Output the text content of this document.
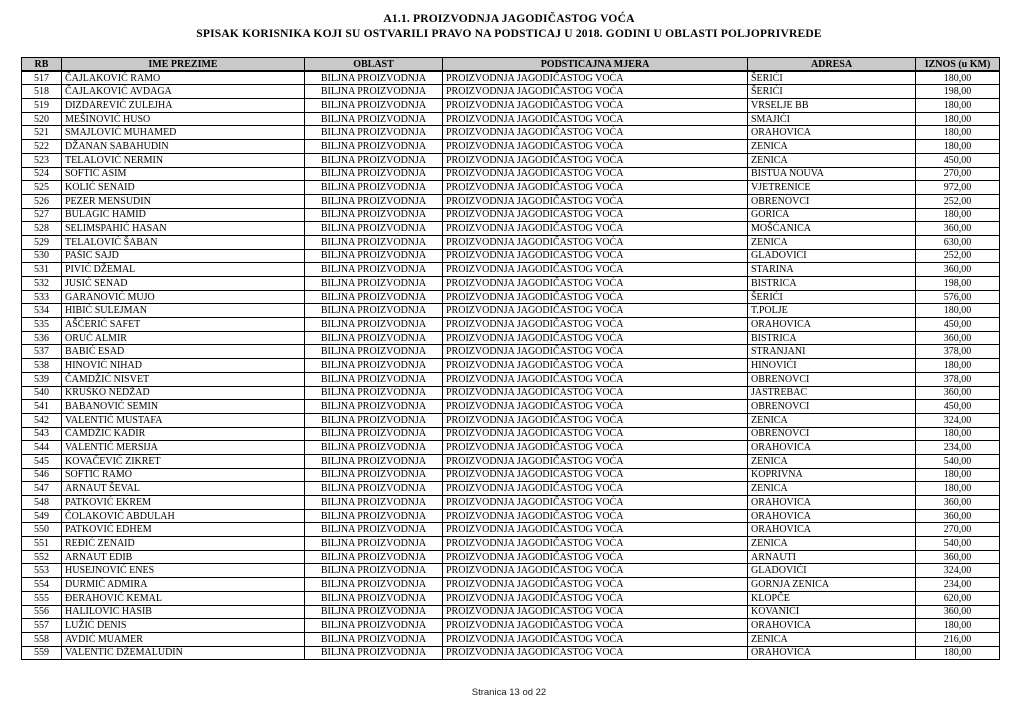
A1.1. PROIZVODNJA JAGODIČASTOG VOĆA
SPISAK KORISNIKA KOJI SU OSTVARILI PRAVO NA PODSTICAJ U 2018. GODINI U OBLASTI POLJOPRIVREDE
RB	IME PREZIME	OBLAST	PODSTICAJNA MJERA	ADRESA	IZNOS (u KM)
517	ČAJLAKOVIĆ RAMO	BILJNA PROIZVODNJA	PROIZVODNJA JAGODIČASTOG VOĆA	ŠERIĆI	180,00
518	ČAJLAKOVIĆ AVDAGA	BILJNA PROIZVODNJA	PROIZVODNJA JAGODIČASTOG VOĆA	ŠERIĆI	198,00
519	DIZDAREVIĆ ZULEJHA	BILJNA PROIZVODNJA	PROIZVODNJA JAGODIČASTOG VOĆA	VRSELJE BB	180,00
520	MEŠINOVIĆ HUSO	BILJNA PROIZVODNJA	PROIZVODNJA JAGODIČASTOG VOĆA	SMAJIĆI	180,00
521	SMAJLOVIĆ MUHAMED	BILJNA PROIZVODNJA	PROIZVODNJA JAGODIČASTOG VOĆA	ORAHOVICA	180,00
522	DŽANAN SABAHUDIN	BILJNA PROIZVODNJA	PROIZVODNJA JAGODIČASTOG VOĆA	ZENICA	180,00
523	TELALOVIĆ NERMIN	BILJNA PROIZVODNJA	PROIZVODNJA JAGODIČASTOG VOĆA	ZENICA	450,00
524	SOFTIĆ ASIM	BILJNA PROIZVODNJA	PROIZVODNJA JAGODIČASTOG VOĆA	BISTUA NOUVA	270,00
525	KOLIĆ SENAID	BILJNA PROIZVODNJA	PROIZVODNJA JAGODIČASTOG VOĆA	VJETRENICE	972,00
526	PEZER MENSUDIN	BILJNA PROIZVODNJA	PROIZVODNJA JAGODIČASTOG VOĆA	OBRENOVCI	252,00
527	BULAGIĆ HAMID	BILJNA PROIZVODNJA	PROIZVODNJA JAGODIČASTOG VOĆA	GORICA	180,00
528	SELIMSPAHIĆ HASAN	BILJNA PROIZVODNJA	PROIZVODNJA JAGODIČASTOG VOĆA	MOŠĆANICA	360,00
529	TELALOVIĆ ŠABAN	BILJNA PROIZVODNJA	PROIZVODNJA JAGODIČASTOG VOĆA	ZENICA	630,00
530	PAŠIĆ SAJD	BILJNA PROIZVODNJA	PROIZVODNJA JAGODIČASTOG VOĆA	GLADOVIĆI	252,00
531	PIVIĆ DŽEMAL	BILJNA PROIZVODNJA	PROIZVODNJA JAGODIČASTOG VOĆA	STARINA	360,00
532	JUSIĆ SENAD	BILJNA PROIZVODNJA	PROIZVODNJA JAGODIČASTOG VOĆA	BISTRICA	198,00
533	GARANOVIĆ MUJO	BILJNA PROIZVODNJA	PROIZVODNJA JAGODIČASTOG VOĆA	ŠERIĆI	576,00
534	HIBIĆ SULEJMAN	BILJNA PROIZVODNJA	PROIZVODNJA JAGODIČASTOG VOĆA	T.POLJE	180,00
535	AŠĆERIĆ SAFET	BILJNA PROIZVODNJA	PROIZVODNJA JAGODIČASTOG VOĆA	ORAHOVICA	450,00
536	ORUĆ ALMIR	BILJNA PROIZVODNJA	PROIZVODNJA JAGODIČASTOG VOĆA	BISTRICA	360,00
537	BABIĆ ESAD	BILJNA PROIZVODNJA	PROIZVODNJA JAGODIČASTOG VOĆA	STRANJANI	378,00
538	HINOVIĆ NIHAD	BILJNA PROIZVODNJA	PROIZVODNJA JAGODIČASTOG VOĆA	HINOVIĆI	180,00
539	ČAMDŽIĆ NISVET	BILJNA PROIZVODNJA	PROIZVODNJA JAGODIČASTOG VOĆA	OBRENOVCI	378,00
540	KRUŠKO NEDŽAD	BILJNA PROIZVODNJA	PROIZVODNJA JAGODIČASTOG VOĆA	JASTREBAC	360,00
541	BABANOVIĆ SEMIN	BILJNA PROIZVODNJA	PROIZVODNJA JAGODIČASTOG VOĆA	OBRENOVCI	450,00
542	VALENTIĆ MUSTAFA	BILJNA PROIZVODNJA	PROIZVODNJA JAGODIČASTOG VOĆA	ZENICA	324,00
543	ČAMDŽIĆ KADIR	BILJNA PROIZVODNJA	PROIZVODNJA JAGODIČASTOG VOĆA	OBRENOVCI	180,00
544	VALENTIĆ MERSIJA	BILJNA PROIZVODNJA	PROIZVODNJA JAGODIČASTOG VOĆA	ORAHOVICA	234,00
545	KOVAČEVIĆ ZIKRET	BILJNA PROIZVODNJA	PROIZVODNJA JAGODIČASTOG VOĆA	ZENICA	540,00
546	SOFTIĆ RAMO	BILJNA PROIZVODNJA	PROIZVODNJA JAGODIČASTOG VOĆA	KOPRIVNA	180,00
547	ARNAUT ŠEVAL	BILJNA PROIZVODNJA	PROIZVODNJA JAGODIČASTOG VOĆA	ZENICA	180,00
548	PATKOVIĆ EKREM	BILJNA PROIZVODNJA	PROIZVODNJA JAGODIČASTOG VOĆA	ORAHOVICA	360,00
549	ČOLAKOVIĆ ABDULAH	BILJNA PROIZVODNJA	PROIZVODNJA JAGODIČASTOG VOĆA	ORAHOVICA	360,00
550	PATKOVIĆ EDHEM	BILJNA PROIZVODNJA	PROIZVODNJA JAGODIČASTOG VOĆA	ORAHOVICA	270,00
551	REĐIĆ ZENAID	BILJNA PROIZVODNJA	PROIZVODNJA JAGODIČASTOG VOĆA	ZENICA	540,00
552	ARNAUT EDIB	BILJNA PROIZVODNJA	PROIZVODNJA JAGODIČASTOG VOĆA	ARNAUTI	360,00
553	HUSEJNOVIĆ ENES	BILJNA PROIZVODNJA	PROIZVODNJA JAGODIČASTOG VOĆA	GLADOVIĆI	324,00
554	DURMIĆ ADMIRA	BILJNA PROIZVODNJA	PROIZVODNJA JAGODIČASTOG VOĆA	GORNJA ZENICA	234,00
555	ĐERAHOVIĆ KEMAL	BILJNA PROIZVODNJA	PROIZVODNJA JAGODIČASTOG VOĆA	KLOPČE	620,00
556	HALILOVIĆ HASIB	BILJNA PROIZVODNJA	PROIZVODNJA JAGODIČASTOG VOĆA	KOVANIĆI	360,00
557	LUŽIĆ DENIS	BILJNA PROIZVODNJA	PROIZVODNJA JAGODIČASTOG VOĆA	ORAHOVICA	180,00
558	AVDIĆ MUAMER	BILJNA PROIZVODNJA	PROIZVODNJA JAGODIČASTOG VOĆA	ZENICA	216,00
559	VALENTIĆ DŽEMALUDIN	BILJNA PROIZVODNJA	PROIZVODNJA JAGODIČASTOG VOĆA	ORAHOVICA	180,00
Stranica 13 od 22
